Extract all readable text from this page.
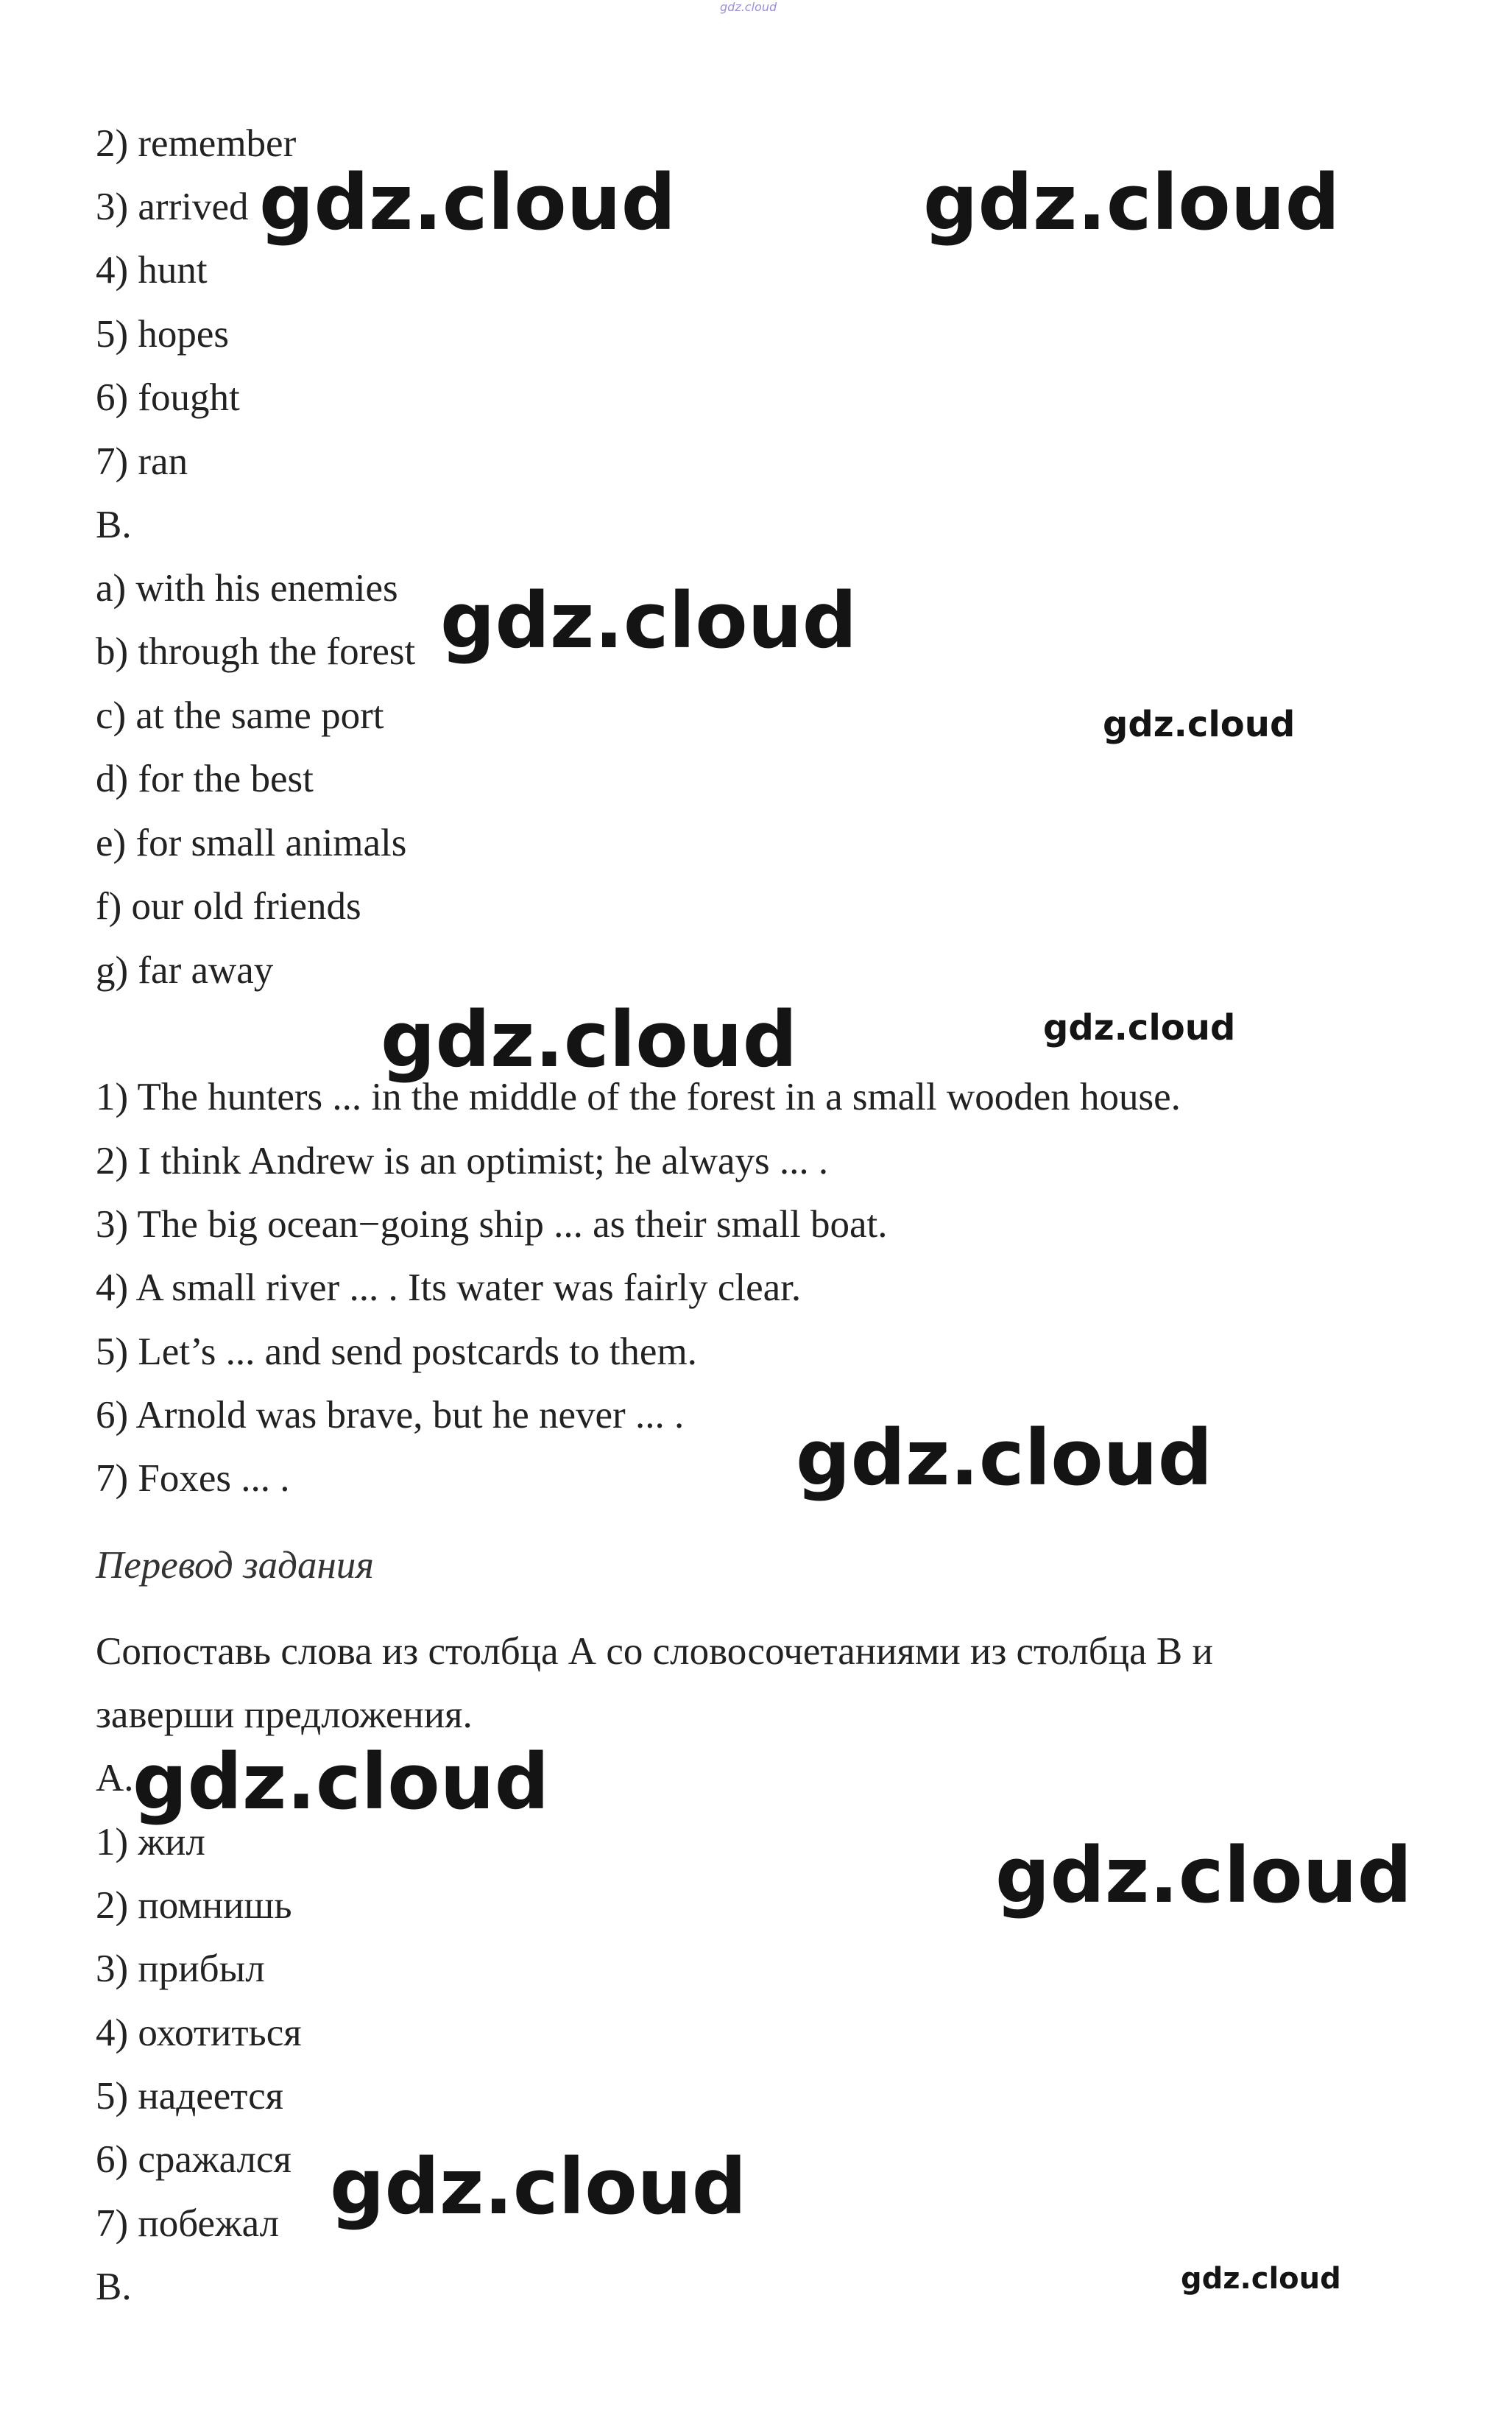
gdz.cloud

2) remember

3) arrived

4) hunt

5) hopes

6) fought

7) ran

B.

a) with his enemies

b) through the forest

c) at the same port

d) for the best

e) for small animals

f) our old friends

g) far away

1) The hunters ... in the middle of the forest in a small wooden house.

2) I think Andrew is an optimist; he always ... .

3) The big ocean−going ship ... as their small boat.

4) A small river ... . Its water was fairly clear.

5) Let’s ... and send postcards to them.

6) Arnold was brave, but he never ... .

7) Foxes ... .

Перевод задания

Сопоставь слова из столбца А со словосочетаниями из столбца В и

заверши предложения.

А.

1) жил

2) помнишь

3) прибыл

4) охотиться

5) надеется

6) сражался

7) побежал

B.

gdz.cloud	gdz.cloud
gdz.cloud
gdz.cloud
gdz.cloud	gdz.cloud
gdz.cloud
gdz.cloud
gdz.cloud
gdz.cloud
gdz.cloud
